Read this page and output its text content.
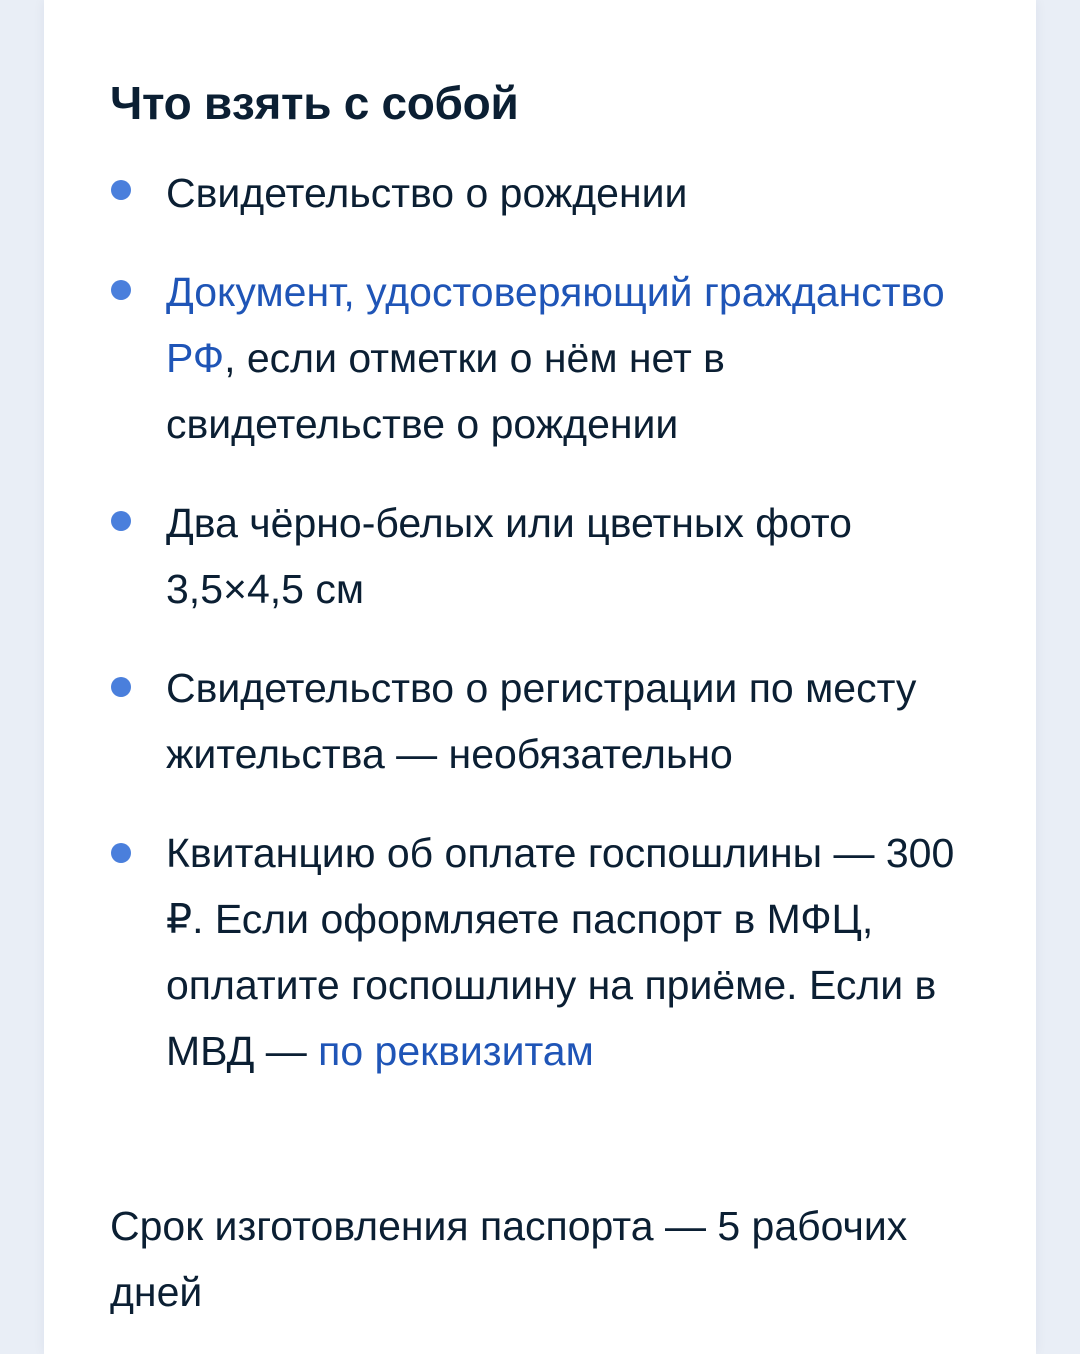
Что взять с собой

Свидетельство о рождении

Документ, удостоверяющий гражданство РФ, если отметки о нём нет в свидетельстве о рождении

Два чёрно-белых или цветных фото 3,5×4,5 см

Свидетельство о регистрации по месту жительства — необязательно

Квитанцию об оплате госпошлины — 300 ₽. Если оформляете паспорт в МФЦ, оплатите госпошлину на приёме. Если в МВД — по реквизитам

Срок изготовления паспорта — 5 рабочих дней
